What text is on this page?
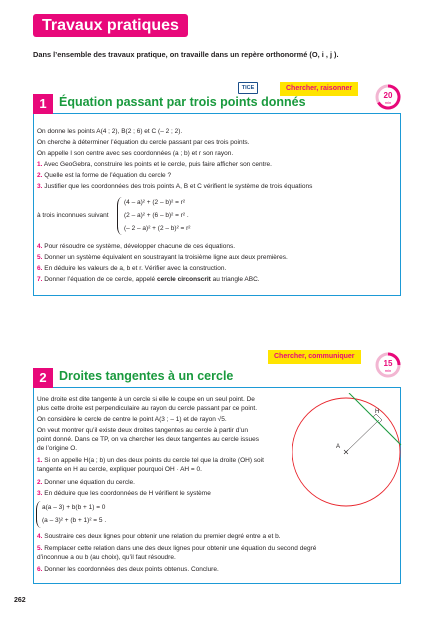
Travaux pratiques
Dans l’ensemble des travaux pratique, on travaille dans un repère orthonormé (O, i , j ).
TICE	Chercher, raisonner
20
min
1 Équation passant par trois points donnés
On donne les points A(4 ; 2), B(2 ; 6) et C (– 2 ; 2).
On cherche à déterminer l’équation du cercle passant par ces trois points.
On appelle I son centre avec ses coordonnées (a ; b) et r son rayon.
1. Avec GeoGebra, construire les points et le cercle, puis faire afficher son centre.
2. Quelle est la forme de l’équation du cercle ?
3. Justifier que les coordonnées des trois points A, B et C vérifient le système de trois équations
à trois inconnues suivant
(4 – a)² + (2 – b)² = r²
(2 – a)² + (6 – b)² = r² .
(– 2 – a)² + (2 – b)² = r²
4. Pour résoudre ce système, développer chacune de ces équations.
5. Donner un système équivalent en soustrayant la troisième ligne aux deux premières.
6. En déduire les valeurs de a, b et r. Vérifier avec la construction.
7. Donner l’équation de ce cercle, appelé cercle circonscrit au triangle ABC.
Chercher, communiquer
15
min
2 Droites tangentes à un cercle
Une droite est dite tangente à un cercle si elle le coupe en un seul point. De
plus cette droite est perpendiculaire au rayon du cercle passant par ce point.
On considère le cercle de centre le point A(3 ; – 1) et de rayon √5.
On veut montrer qu’il existe deux droites tangentes au cercle à partir d’un
point donné. Dans ce TP, on va chercher les deux tangentes au cercle issues
de l’origine O.
1. Si on appelle H(a ; b) un des deux points du cercle tel que la droite (OH) soit
tangente en H au cercle, expliquer pourquoi OH · AH = 0.
2. Donner une équation du cercle.
3. En déduire que les coordonnées de H vérifient le système
a(a – 3) + b(b + 1) = 0
(a – 3)² + (b + 1)² = 5 .
4. Soustraire ces deux lignes pour obtenir une relation du premier degré entre a et b.
5. Remplacer cette relation dans une des deux lignes pour obtenir une équation du second degré
d’inconnue a ou b (au choix), qu’il faut résoudre.
6. Donner les coordonnées des deux points obtenus. Conclure.
H
A
262
